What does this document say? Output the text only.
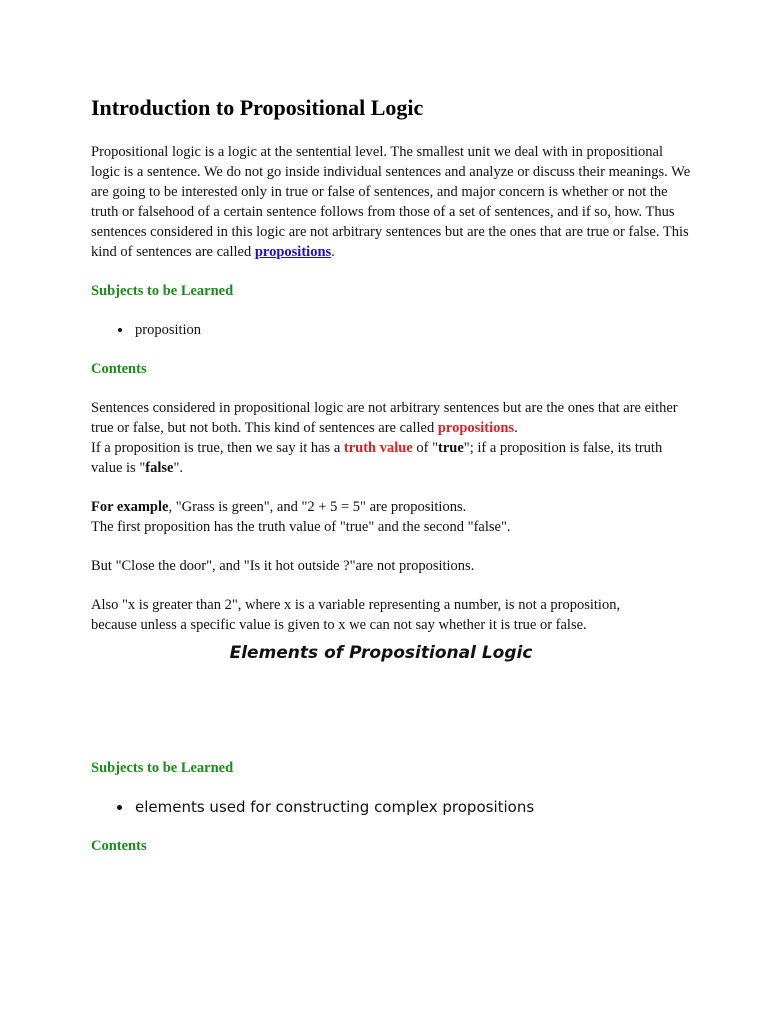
Introduction to Propositional Logic

Propositional logic is a logic at the sentential level. The smallest unit we deal with in propositional logic is a sentence. We do not go inside individual sentences and analyze or discuss their meanings. We are going to be interested only in true or false of sentences, and major concern is whether or not the truth or falsehood of a certain sentence follows from those of a set of sentences, and if so, how. Thus sentences considered in this logic are not arbitrary sentences but are the ones that are true or false. This kind of sentences are called propositions.

Subjects to be Learned

• proposition

Contents

Sentences considered in propositional logic are not arbitrary sentences but are the ones that are either true or false, but not both. This kind of sentences are called propositions.

If a proposition is true, then we say it has a truth value of "true"; if a proposition is false, its truth value is "false".

For example, "Grass is green", and "2 + 5 = 5" are propositions.
The first proposition has the truth value of "true" and the second "false".

But "Close the door", and "Is it hot outside ?"are not propositions.

Also "x is greater than 2", where x is a variable representing a number, is not a proposition,
because unless a specific value is given to x we can not say whether it is true or false.

Elements of Propositional Logic

Subjects to be Learned

• elements used for constructing complex propositions

Contents
